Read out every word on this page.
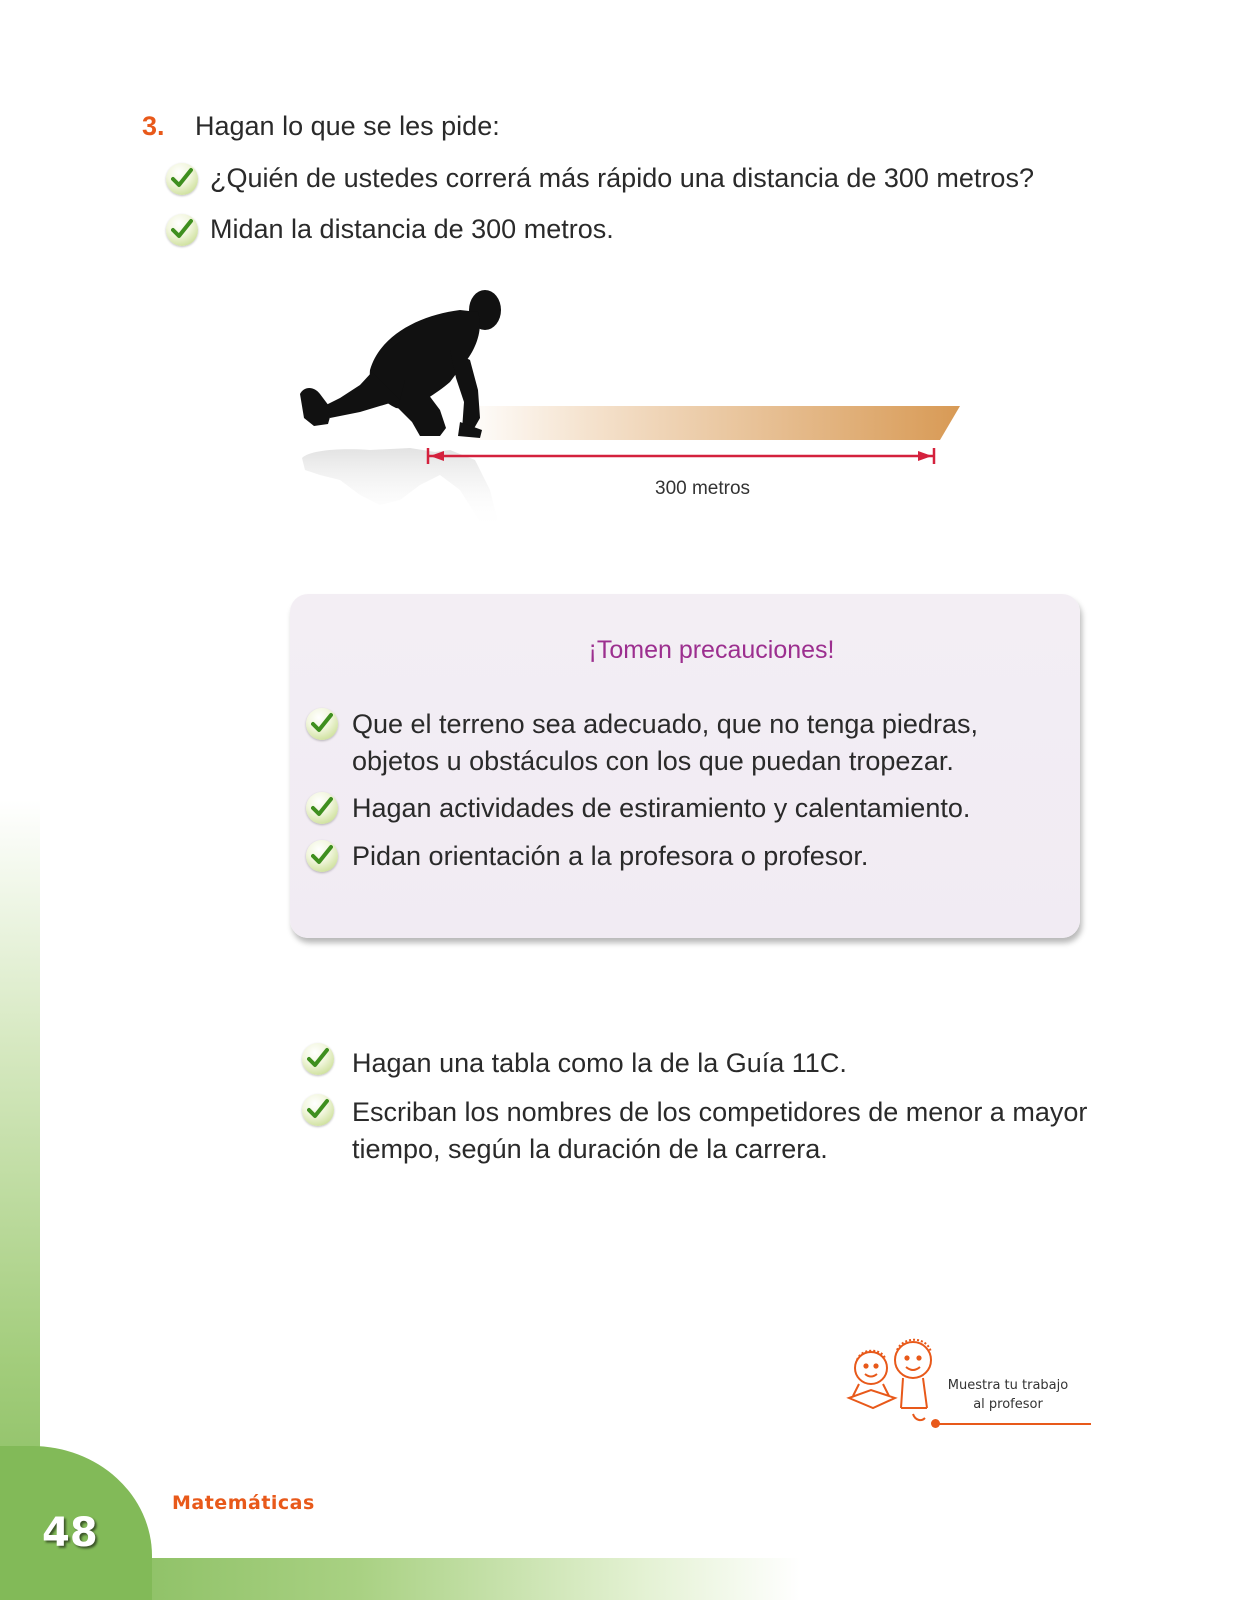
3. Hagan lo que se les pide:
¿Quién de ustedes correrá más rápido una distancia de 300 metros?
Midan la distancia de 300 metros.
300 metros
¡Tomen precauciones!
Que el terreno sea adecuado, que no tenga piedras,
objetos u obstáculos con los que puedan tropezar.
Hagan actividades de estiramiento y calentamiento.
Pidan orientación a la profesora o profesor.
Hagan una tabla como la de la Guía 11C.
Escriban los nombres de los competidores de menor a mayor
tiempo, según la duración de la carrera.
Muestra tu trabajo
al profesor
Matemáticas
48
